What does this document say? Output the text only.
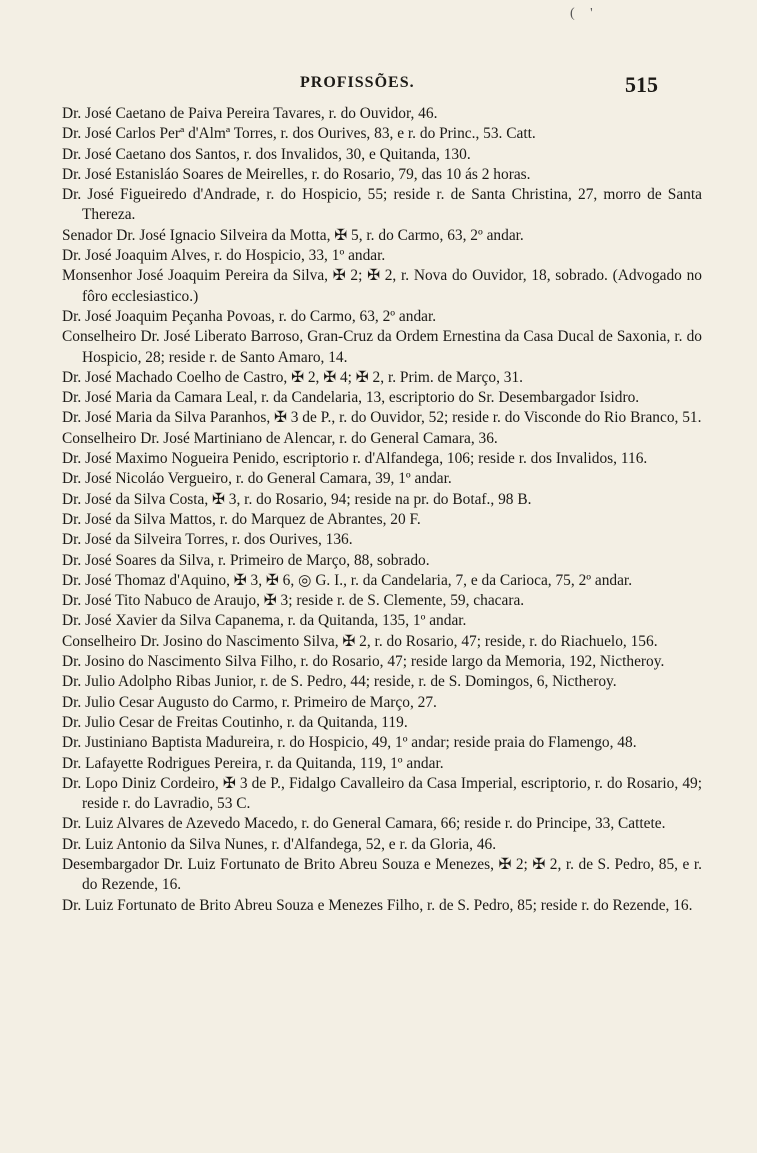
( '
PROFISSÕES.	515
Dr. José Caetano de Paiva Pereira Tavares, r. do Ouvidor, 46.
Dr. José Carlos Perª d'Almª Torres, r. dos Ourives, 83, e r. do Princ., 53. Catt.
Dr. José Caetano dos Santos, r. dos Invalidos, 30, e Quitanda, 130.
Dr. José Estanisláo Soares de Meirelles, r. do Rosario, 79, das 10 ás 2 horas.
Dr. José Figueiredo d'Andrade, r. do Hospicio, 55; reside r. de Santa Christina, 27, morro de Santa Thereza.
Senador Dr. José Ignacio Silveira da Motta, ✠ 5, r. do Carmo, 63, 2º andar.
Dr. José Joaquim Alves, r. do Hospicio, 33, 1º andar.
Monsenhor José Joaquim Pereira da Silva, ✠ 2; ✠ 2, r. Nova do Ouvidor, 18, sobrado. (Advogado no fôro ecclesiastico.)
Dr. José Joaquim Peçanha Povoas, r. do Carmo, 63, 2º andar.
Conselheiro Dr. José Liberato Barroso, Gran-Cruz da Ordem Ernestina da Casa Ducal de Saxonia, r. do Hospicio, 28; reside r. de Santo Amaro, 14.
Dr. José Machado Coelho de Castro, ✠ 2, ✠ 4; ✠ 2, r. Prim. de Março, 31.
Dr. José Maria da Camara Leal, r. da Candelaria, 13, escriptorio do Sr. Desembargador Isidro.
Dr. José Maria da Silva Paranhos, ✠ 3 de P., r. do Ouvidor, 52; reside r. do Visconde do Rio Branco, 51.
Conselheiro Dr. José Martiniano de Alencar, r. do General Camara, 36.
Dr. José Maximo Nogueira Penido, escriptorio r. d'Alfandega, 106; reside r. dos Invalidos, 116.
Dr. José Nicoláo Vergueiro, r. do General Camara, 39, 1º andar.
Dr. José da Silva Costa, ✠ 3, r. do Rosario, 94; reside na pr. do Botaf., 98 B.
Dr. José da Silva Mattos, r. do Marquez de Abrantes, 20 F.
Dr. José da Silveira Torres, r. dos Ourives, 136.
Dr. José Soares da Silva, r. Primeiro de Março, 88, sobrado.
Dr. José Thomaz d'Aquino, ✠ 3, ✠ 6, ◎ G. I., r. da Candelaria, 7, e da Carioca, 75, 2º andar.
Dr. José Tito Nabuco de Araujo, ✠ 3; reside r. de S. Clemente, 59, chacara.
Dr. José Xavier da Silva Capanema, r. da Quitanda, 135, 1º andar.
Conselheiro Dr. Josino do Nascimento Silva, ✠ 2, r. do Rosario, 47; reside, r. do Riachuelo, 156.
Dr. Josino do Nascimento Silva Filho, r. do Rosario, 47; reside largo da Memoria, 192, Nictheroy.
Dr. Julio Adolpho Ribas Junior, r. de S. Pedro, 44; reside, r. de S. Domingos, 6, Nictheroy.
Dr. Julio Cesar Augusto do Carmo, r. Primeiro de Março, 27.
Dr. Julio Cesar de Freitas Coutinho, r. da Quitanda, 119.
Dr. Justiniano Baptista Madureira, r. do Hospicio, 49, 1º andar; reside praia do Flamengo, 48.
Dr. Lafayette Rodrigues Pereira, r. da Quitanda, 119, 1º andar.
Dr. Lopo Diniz Cordeiro, ✠ 3 de P., Fidalgo Cavalleiro da Casa Imperial, escriptorio, r. do Rosario, 49; reside r. do Lavradio, 53 C.
Dr. Luiz Alvares de Azevedo Macedo, r. do General Camara, 66; reside r. do Principe, 33, Cattete.
Dr. Luiz Antonio da Silva Nunes, r. d'Alfandega, 52, e r. da Gloria, 46.
Desembargador Dr. Luiz Fortunato de Brito Abreu Souza e Menezes, ✠ 2; ✠ 2, r. de S. Pedro, 85, e r. do Rezende, 16.
Dr. Luiz Fortunato de Brito Abreu Souza e Menezes Filho, r. de S. Pedro, 85; reside r. do Rezende, 16.
